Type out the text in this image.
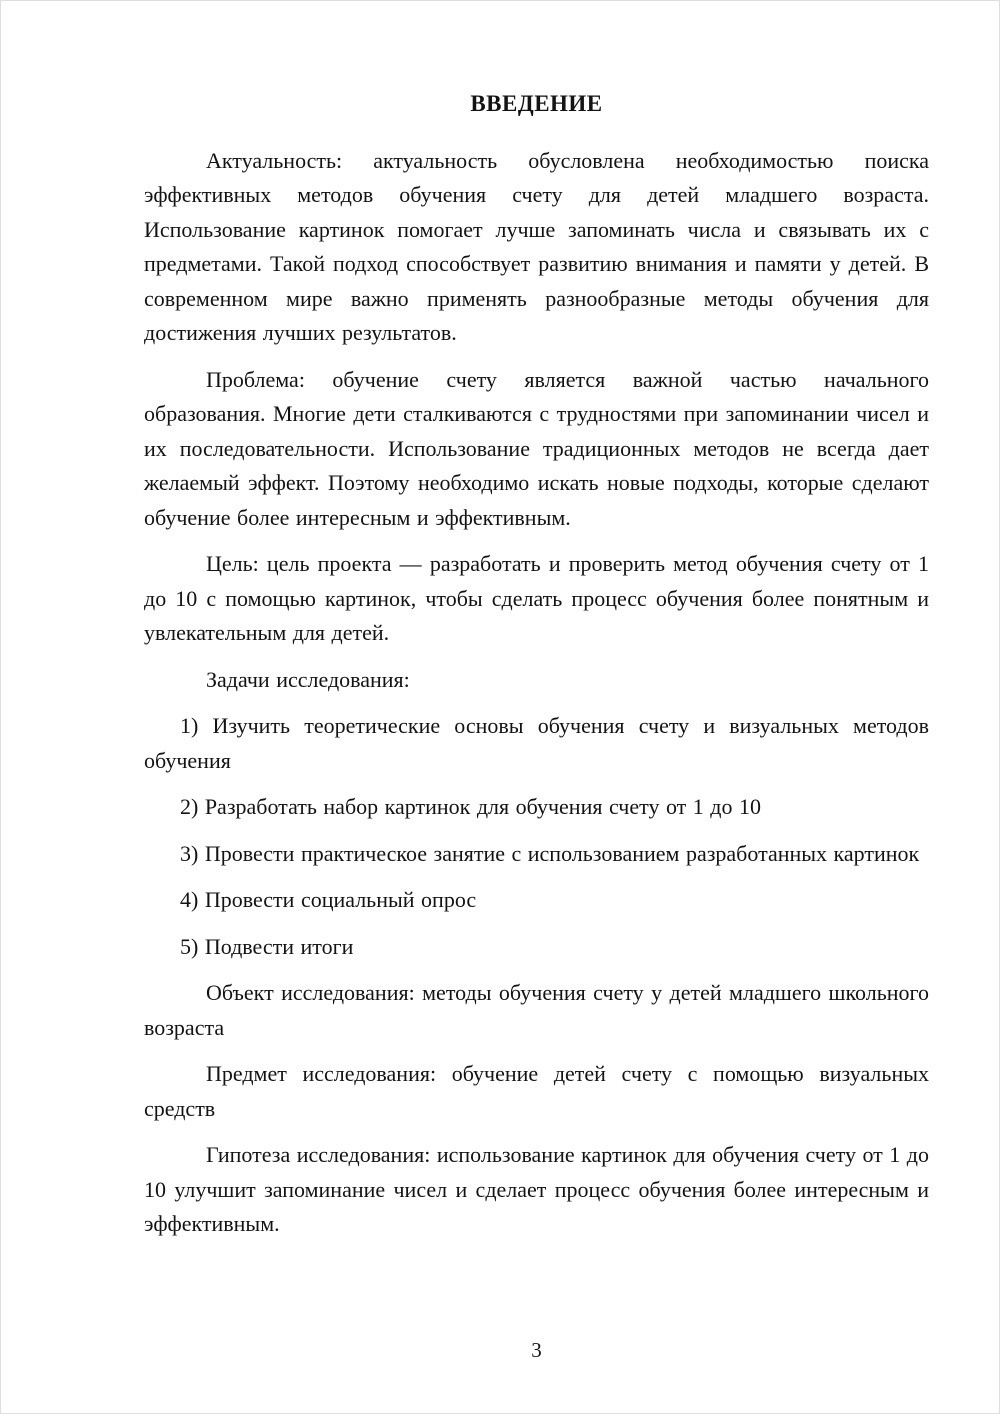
ВВЕДЕНИЕ

Актуальность: актуальность обусловлена необходимостью поиска эффективных методов обучения счету для детей младшего возраста. Использование картинок помогает лучше запоминать числа и связывать их с предметами. Такой подход способствует развитию внимания и памяти у детей. В современном мире важно применять разнообразные методы обучения для достижения лучших результатов.

Проблема: обучение счету является важной частью начального образования. Многие дети сталкиваются с трудностями при запоминании чисел и их последовательности. Использование традиционных методов не всегда дает желаемый эффект. Поэтому необходимо искать новые подходы, которые сделают обучение более интересным и эффективным.

Цель: цель проекта — разработать и проверить метод обучения счету от 1 до 10 с помощью картинок, чтобы сделать процесс обучения более понятным и увлекательным для детей.

Задачи исследования:

1) Изучить теоретические основы обучения счету и визуальных методов обучения

2) Разработать набор картинок для обучения счету от 1 до 10

3) Провести практическое занятие с использованием разработанных картинок

4) Провести социальный опрос

5) Подвести итоги

Объект исследования: методы обучения счету у детей младшего школьного возраста

Предмет исследования: обучение детей счету с помощью визуальных средств

Гипотеза исследования: использование картинок для обучения счету от 1 до 10 улучшит запоминание чисел и сделает процесс обучения более интересным и эффективным.

3
